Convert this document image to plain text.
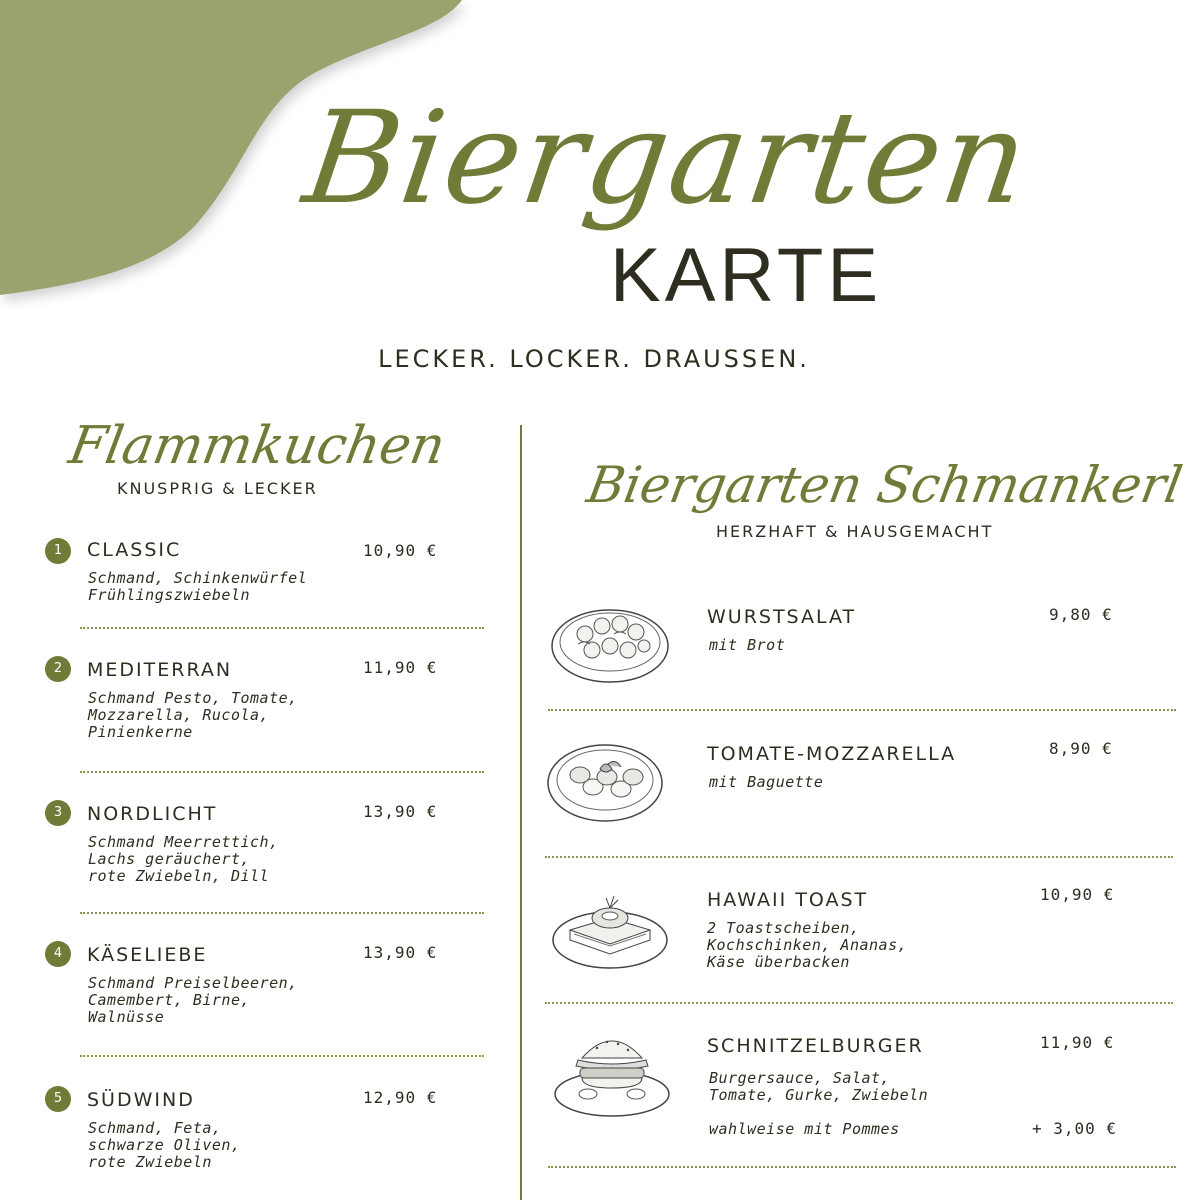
Biergarten
KARTE
LECKER. LOCKER. DRAUSSEN.
Flammkuchen
KNUSPRIG & LECKER
1	CLASSIC	10,90 €
Schmand, Schinkenwürfel
Frühlingszwiebeln
2	MEDITERRAN	11,90 €
Schmand Pesto, Tomate,
Mozzarella, Rucola,
Pinienkerne
3	NORDLICHT	13,90 €
Schmand Meerrettich,
Lachs geräuchert,
rote Zwiebeln, Dill
4	KÄSELIEBE	13,90 €
Schmand Preiselbeeren,
Camembert, Birne,
Walnüsse
5	SÜDWIND	12,90 €
Schmand, Feta,
schwarze Oliven,
rote Zwiebeln
Biergarten Schmankerl
HERZHAFT & HAUSGEMACHT
WURSTSALAT	9,80 €
mit Brot
TOMATE-MOZZARELLA	8,90 €
mit Baguette
HAWAII TOAST	10,90 €
2 Toastscheiben,
Kochschinken, Ananas,
Käse überbacken
SCHNITZELBURGER	11,90 €
Burgersauce, Salat,
Tomate, Gurke, Zwiebeln
wahlweise mit Pommes	+ 3,00 €
